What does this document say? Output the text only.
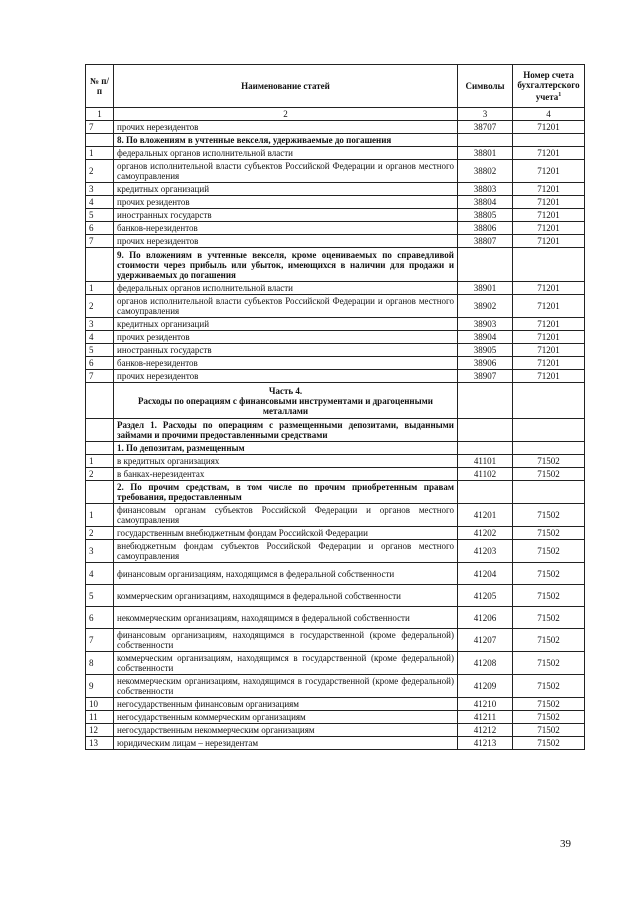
№ п/п	Наименование статей	Символы	Номер счета бухгалтерского учета$^1$
1	2	3	4
7	прочих нерезидентов	38707	71201
	8. По вложениям в учтенные векселя, удерживаемые до погашения		
1	федеральных органов исполнительной власти	38801	71201
2	органов исполнительной власти субъектов Российской Федерации и органов местного самоуправления	38802	71201
3	кредитных организаций	38803	71201
4	прочих резидентов	38804	71201
5	иностранных государств	38805	71201
6	банков-нерезидентов	38806	71201
7	прочих нерезидентов	38807	71201
	9. По вложениям в учтенные векселя, кроме оцениваемых по справедливой стоимости через прибыль или убыток, имеющихся в наличии для продажи и удерживаемых до погашения		
1	федеральных органов исполнительной власти	38901	71201
2	органов исполнительной власти субъектов Российской Федерации и органов местного самоуправления	38902	71201
3	кредитных организаций	38903	71201
4	прочих резидентов	38904	71201
5	иностранных государств	38905	71201
6	банков-нерезидентов	38906	71201
7	прочих нерезидентов	38907	71201
	Часть 4.
Расходы по операциям с финансовыми инструментами и драгоценными металлами		
	Раздел 1. Расходы по операциям с размещенными депозитами, выданными займами и прочими предоставленными средствами		
	1. По депозитам, размещенным		
1	в кредитных организациях	41101	71502
2	в банках-нерезидентах	41102	71502
	2. По прочим средствам, в том числе по прочим приобретенным правам требования, предоставленным		
1	финансовым органам субъектов Российской Федерации и органов местного самоуправления	41201	71502
2	государственным внебюджетным фондам Российской Федерации	41202	71502
3	внебюджетным фондам субъектов Российской Федерации и органов местного самоуправления	41203	71502
4	финансовым организациям, находящимся в федеральной собственности	41204	71502
5	коммерческим организациям, находящимся в федеральной собственности	41205	71502
6	некоммерческим организациям, находящимся в федеральной собственности	41206	71502
7	финансовым организациям, находящимся в государственной (кроме федеральной) собственности	41207	71502
8	коммерческим организациям, находящимся в государственной (кроме федеральной) собственности	41208	71502
9	некоммерческим организациям, находящимся в государственной (кроме федеральной) собственности	41209	71502
10	негосударственным финансовым организациям	41210	71502
11	негосударственным коммерческим организациям	41211	71502
12	негосударственным некоммерческим организациям	41212	71502
13	юридическим лицам – нерезидентам	41213	71502
39
